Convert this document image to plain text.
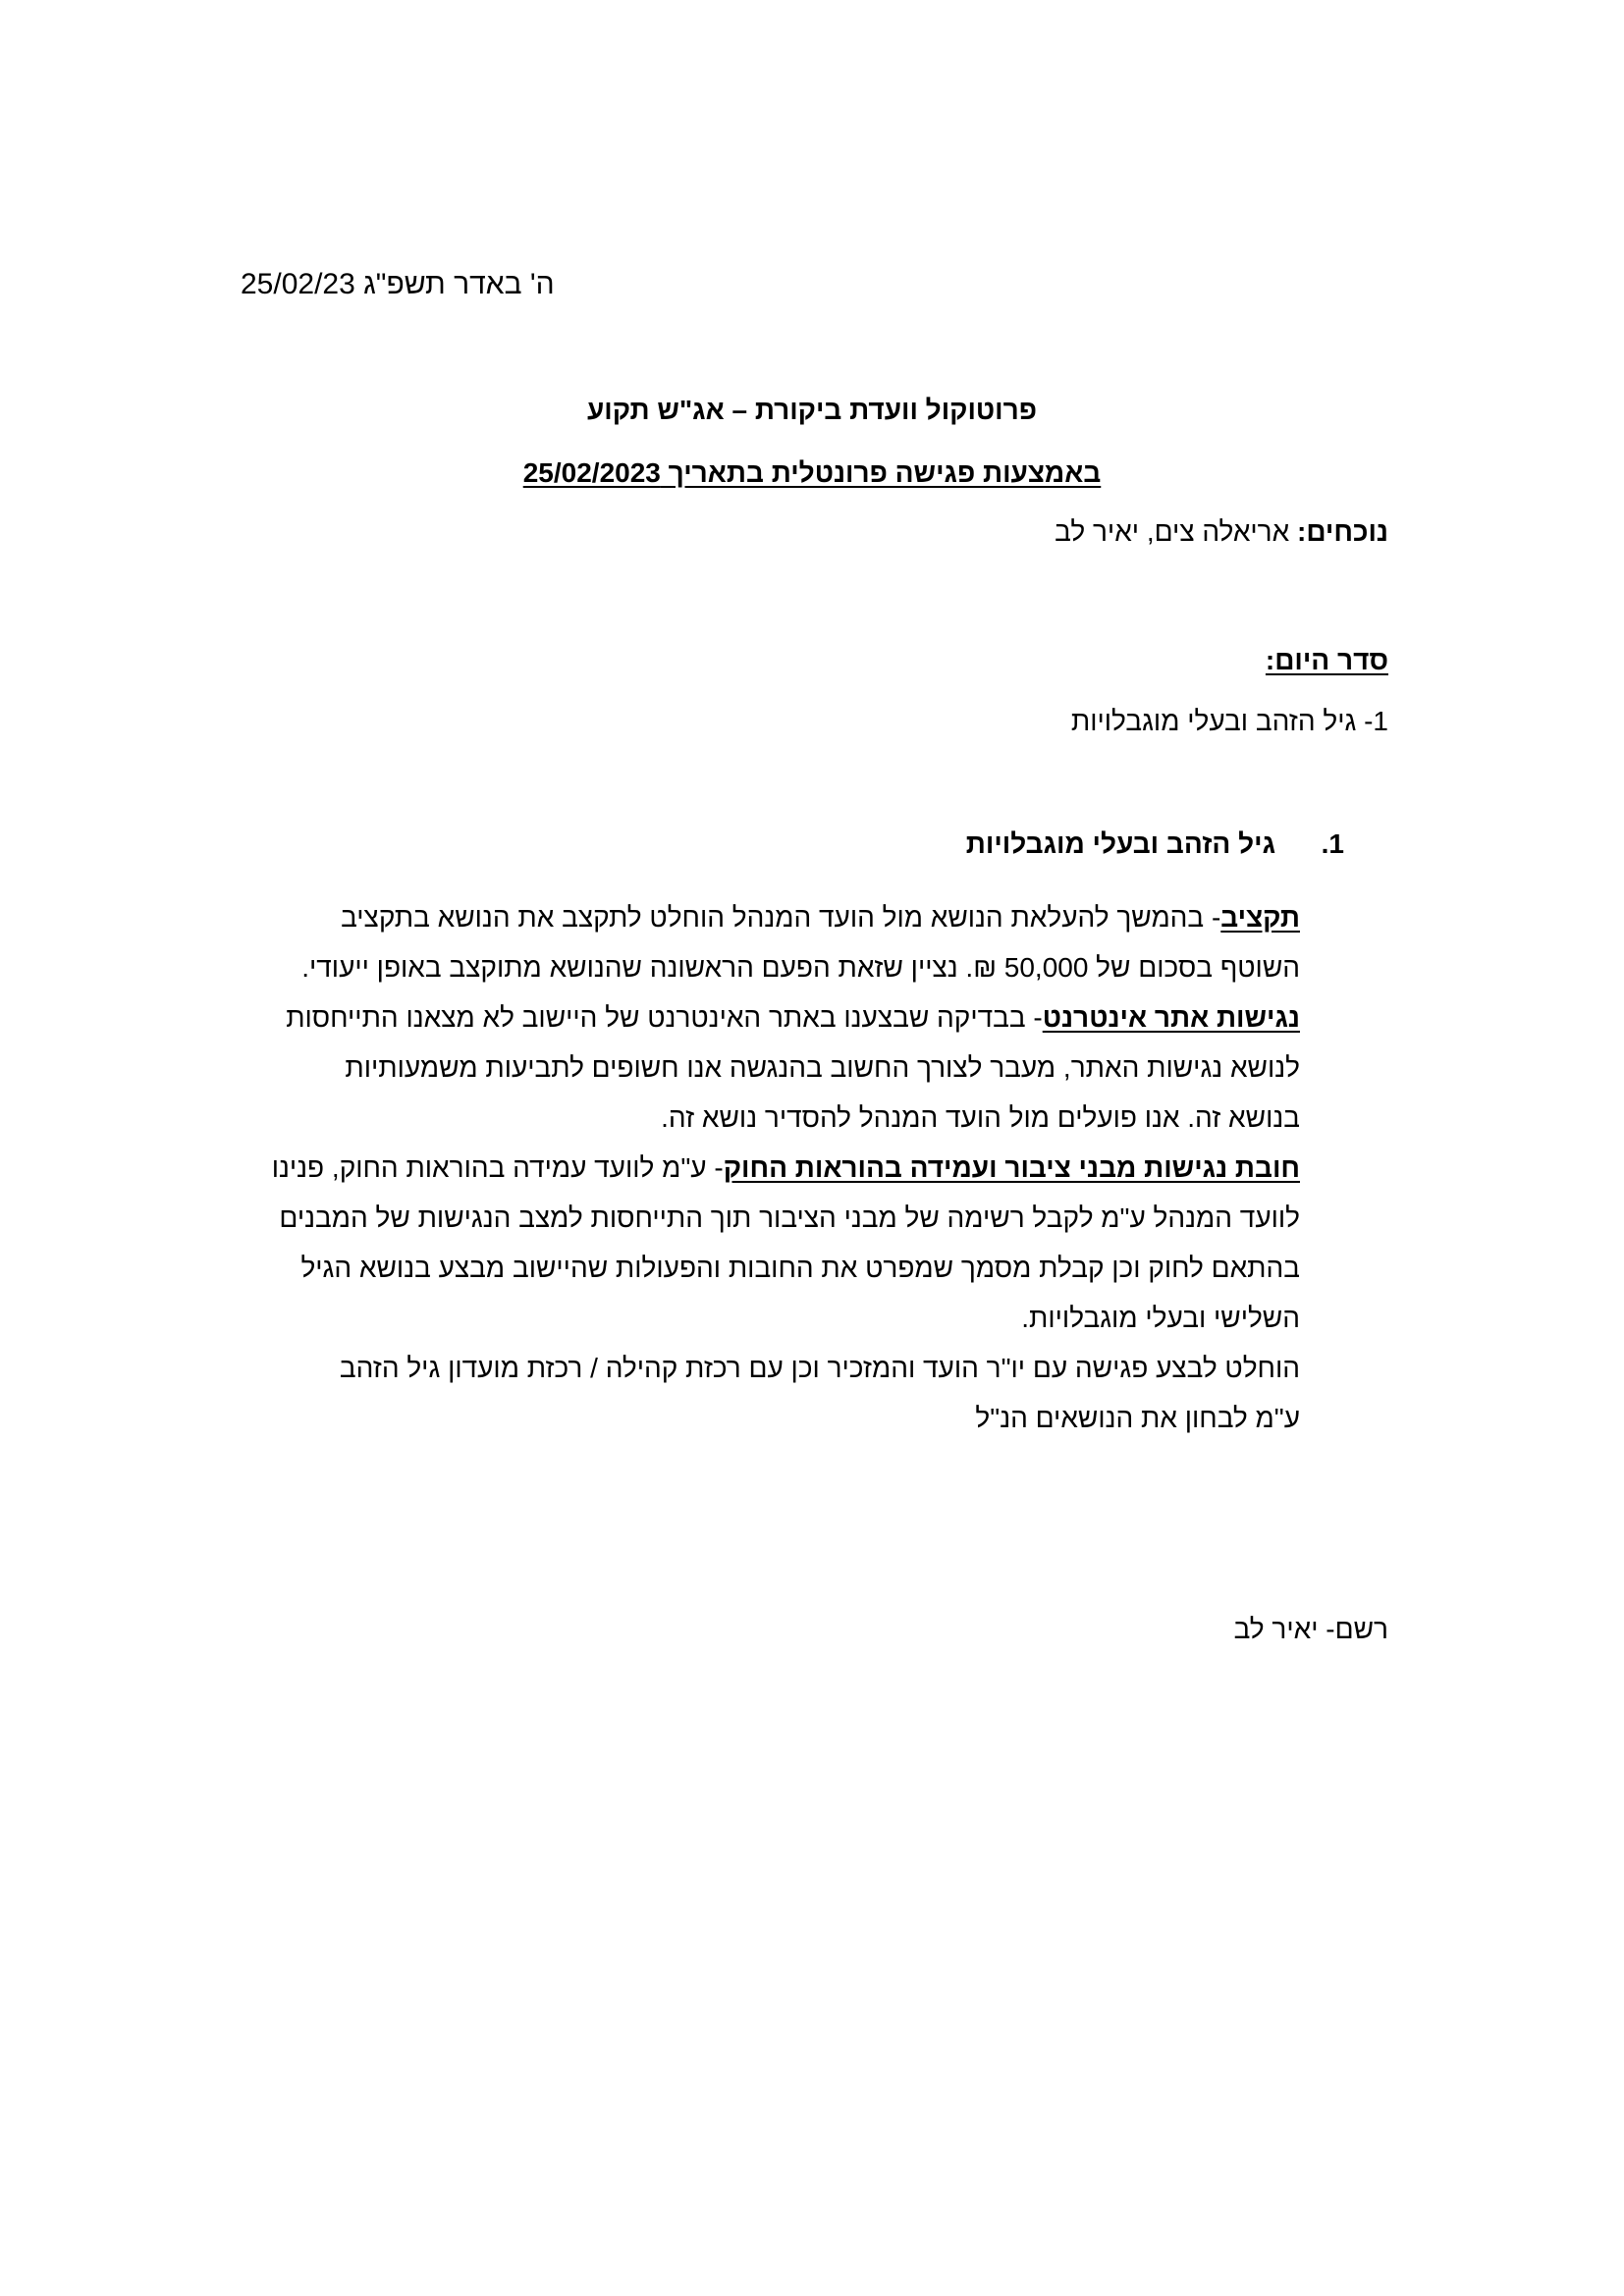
25/02/23 ה' באדר תשפ"ג
פרוטוקול וועדת ביקורת – אג"ש תקוע
באמצעות פגישה פרונטלית בתאריך 25/02/2023
נוכחים: אריאלה צים, יאיר לב
סדר היום:
1- גיל הזהב ובעלי מוגבלויות
1.גיל הזהב ובעלי מוגבלויות
תקציב- בהמשך להעלאת הנושא מול הועד המנהל הוחלט לתקצב את הנושא בתקציב
השוטף בסכום של 50,000 ₪. נציין שזאת הפעם הראשונה שהנושא מתוקצב באופן ייעודי.
נגישות אתר אינטרנט- בבדיקה שבצענו באתר האינטרנט של היישוב לא מצאנו התייחסות
לנושא נגישות האתר, מעבר לצורך החשוב בהנגשה אנו חשופים לתביעות משמעותיות
בנושא זה. אנו פועלים מול הועד המנהל להסדיר נושא זה.
חובת נגישות מבני ציבור ועמידה בהוראות החוק- ע"מ לוועד עמידה בהוראות החוק, פנינו
לוועד המנהל ע"מ לקבל רשימה של מבני הציבור תוך התייחסות למצב הנגישות של המבנים
בהתאם לחוק וכן קבלת מסמך שמפרט את החובות והפעולות שהיישוב מבצע בנושא הגיל
השלישי ובעלי מוגבלויות.
הוחלט לבצע פגישה עם יו"ר הועד והמזכיר וכן עם רכזת קהילה / רכזת מועדון גיל הזהב
ע"מ לבחון את הנושאים הנ"ל
רשם- יאיר לב
